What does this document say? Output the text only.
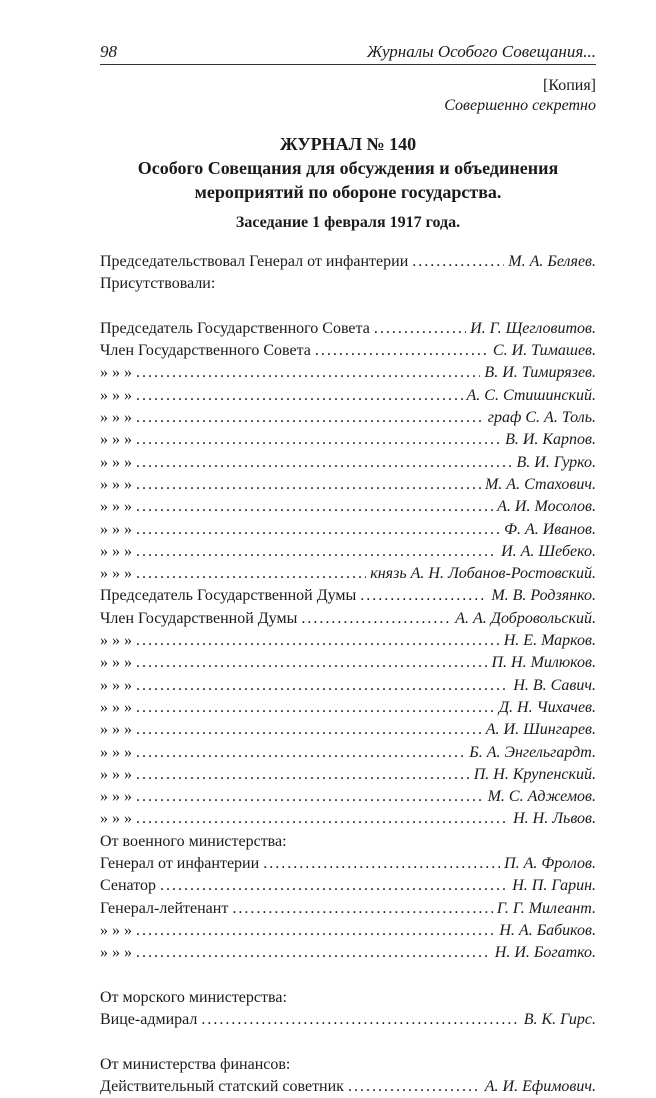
98	Журналы Особого Совещания...
[Копия]
Совершенно секретно
ЖУРНАЛ № 140
Особого Совещания для обсуждения и объединения
мероприятий по обороне государства.
Заседание 1 февраля 1917 года.
Председательствовал Генерал от инфантерии . . .	М. А. Беляев.
Присутствовали:
Председатель Государственного Совета . . .	И. Г. Щегловитов.
Член Государственного Совета . . .	С. И. Тимашев.
» » » . . .	В. И. Тимирязев.
» » » . . .	А. С. Стишинский.
» » » . . .	граф С. А. Толь.
» » » . . .	В. И. Карпов.
» » » . . .	В. И. Гурко.
» » » . . .	М. А. Стахович.
» » » . . .	А. И. Мосолов.
» » » . . .	Ф. А. Иванов.
» » » . . .	И. А. Шебеко.
» » » . . .	князь А. Н. Лобанов-Ростовский.
Председатель Государственной Думы . . .	М. В. Родзянко.
Член Государственной Думы . . .	А. А. Добровольский.
» » » . . .	Н. Е. Марков.
» » » . . .	П. Н. Милюков.
» » » . . .	Н. В. Савич.
» » » . . .	Д. Н. Чихачев.
» » » . . .	А. И. Шингарев.
» » » . . .	Б. А. Энгельгардт.
» » » . . .	П. Н. Крупенский.
» » » . . .	М. С. Аджемов.
» » » . . .	Н. Н. Львов.
От военного министерства:
Генерал от инфантерии . . .	П. А. Фролов.
Сенатор . . .	Н. П. Гарин.
Генерал-лейтенант . . .	Г. Г. Милеант.
» » » . . .	Н. А. Бабиков.
» » » . . .	Н. И. Богатко.
От морского министерства:
Вице-адмирал . . .	В. К. Гирс.
От министерства финансов:
Действительный статский советник . . .	А. И. Ефимович.
